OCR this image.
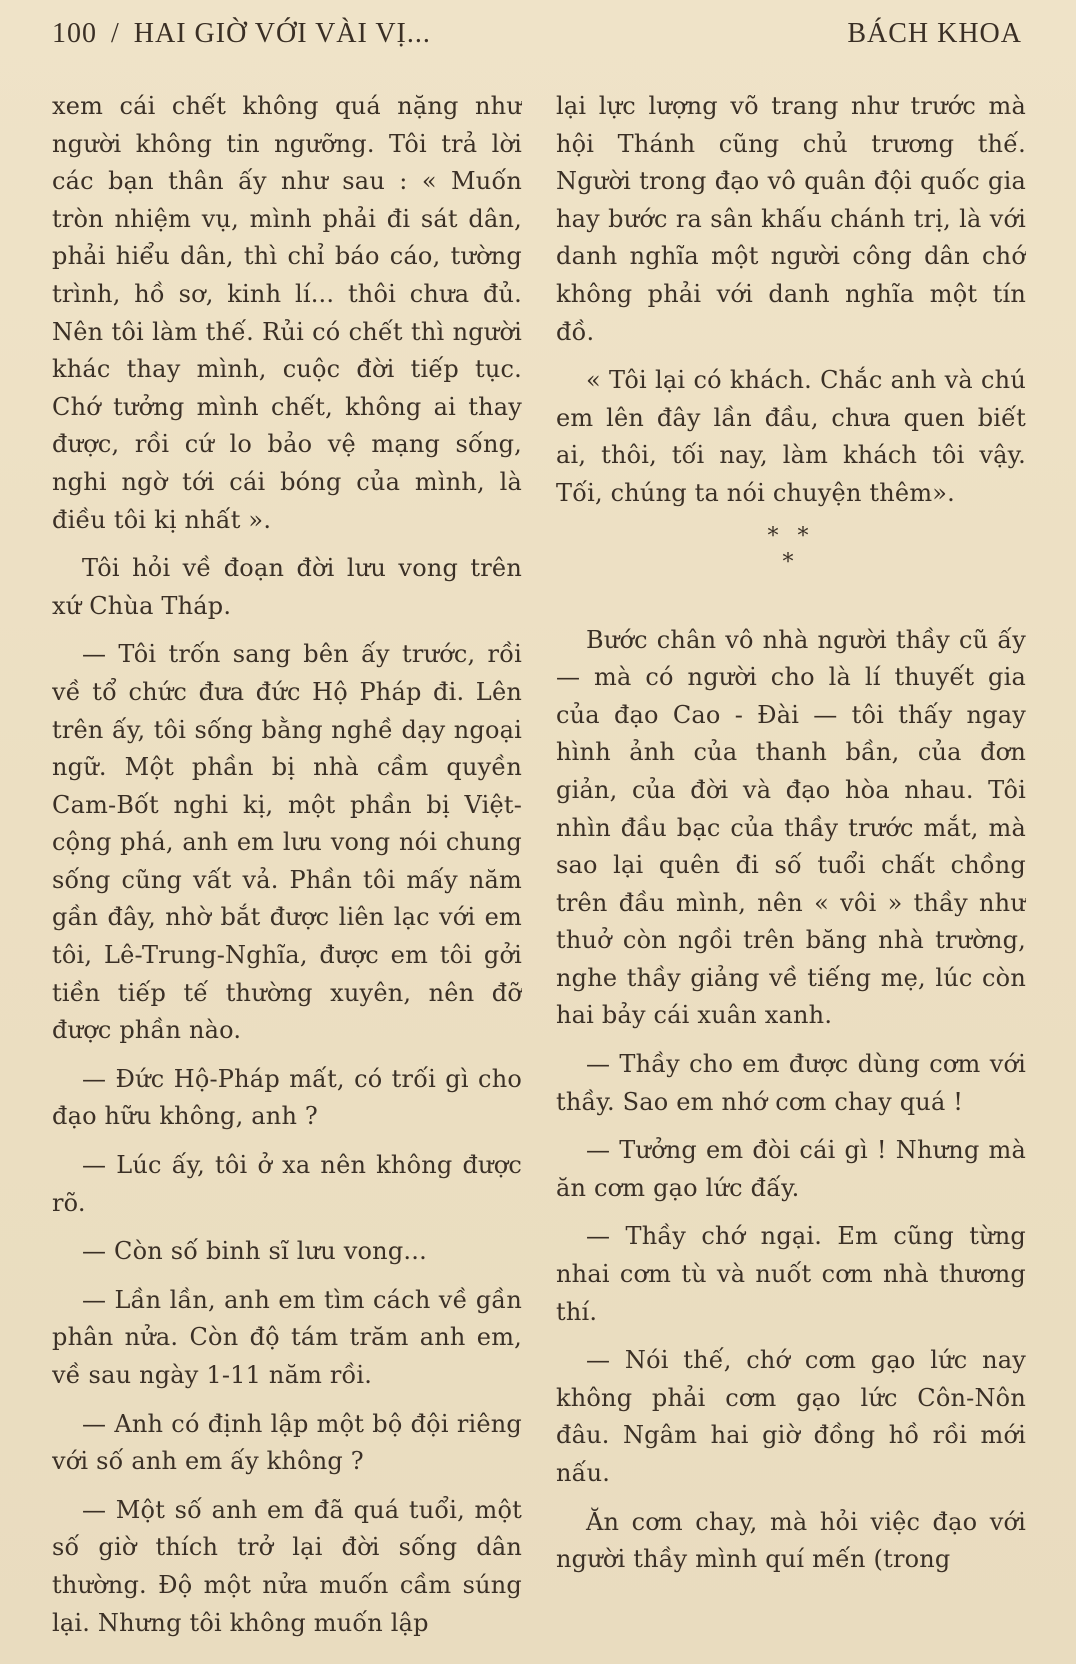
100 / HAI GIỜ VỚI VÀI VỊ...	BÁCH KHOA

xem cái chết không quá nặng như người không tin ngưỡng. Tôi trả lời các bạn thân ấy như sau : « Muốn tròn nhiệm vụ, mình phải đi sát dân, phải hiểu dân, thì chỉ báo cáo, tường trình, hồ sơ, kinh lí... thôi chưa đủ. Nên tôi làm thế. Rủi có chết thì người khác thay mình, cuộc đời tiếp tục. Chớ tưởng mình chết, không ai thay được, rồi cứ lo bảo vệ mạng sống, nghi ngờ tới cái bóng của mình, là điều tôi kị nhất ».

Tôi hỏi về đoạn đời lưu vong trên xứ Chùa Tháp.

— Tôi trốn sang bên ấy trước, rồi về tổ chức đưa đức Hộ Pháp đi. Lên trên ấy, tôi sống bằng nghề dạy ngoại ngữ. Một phần bị nhà cầm quyền Cam-Bốt nghi kị, một phần bị Việt-cộng phá, anh em lưu vong nói chung sống cũng vất vả. Phần tôi mấy năm gần đây, nhờ bắt được liên lạc với em tôi, Lê-Trung-Nghĩa, được em tôi gởi tiền tiếp tế thường xuyên, nên đỡ được phần nào.

— Đức Hộ-Pháp mất, có trối gì cho đạo hữu không, anh ?

— Lúc ấy, tôi ở xa nên không được rõ.

— Còn số binh sĩ lưu vong...

— Lần lần, anh em tìm cách về gần phân nửa. Còn độ tám trăm anh em, về sau ngày 1-11 năm rồi.

— Anh có định lập một bộ đội riêng với số anh em ấy không ?

— Một số anh em đã quá tuổi, một số giờ thích trở lại đời sống dân thường. Độ một nửa muốn cầm súng lại. Nhưng tôi không muốn lập

lại lực lượng võ trang như trước mà hội Thánh cũng chủ trương thế. Người trong đạo vô quân đội quốc gia hay bước ra sân khấu chánh trị, là với danh nghĩa một người công dân chớ không phải với danh nghĩa một tín đồ.

« Tôi lại có khách. Chắc anh và chú em lên đây lần đầu, chưa quen biết ai, thôi, tối nay, làm khách tôi vậy. Tối, chúng ta nói chuyện thêm».

* *
*

Bước chân vô nhà người thầy cũ ấy — mà có người cho là lí thuyết gia của đạo Cao - Đài — tôi thấy ngay hình ảnh của thanh bần, của đơn giản, của đời và đạo hòa nhau. Tôi nhìn đầu bạc của thầy trước mắt, mà sao lại quên đi số tuổi chất chồng trên đầu mình, nên « vôi » thầy như thuở còn ngồi trên băng nhà trường, nghe thầy giảng về tiếng mẹ, lúc còn hai bảy cái xuân xanh.

— Thầy cho em được dùng cơm với thầy. Sao em nhớ cơm chay quá !

— Tưởng em đòi cái gì ! Nhưng mà ăn cơm gạo lức đấy.

— Thầy chớ ngại. Em cũng từng nhai cơm tù và nuốt cơm nhà thương thí.

— Nói thế, chớ cơm gạo lức nay không phải cơm gạo lức Côn-Nôn đâu. Ngâm hai giờ đồng hồ rồi mới nấu.

Ăn cơm chay, mà hỏi việc đạo với người thầy mình quí mến (trong
